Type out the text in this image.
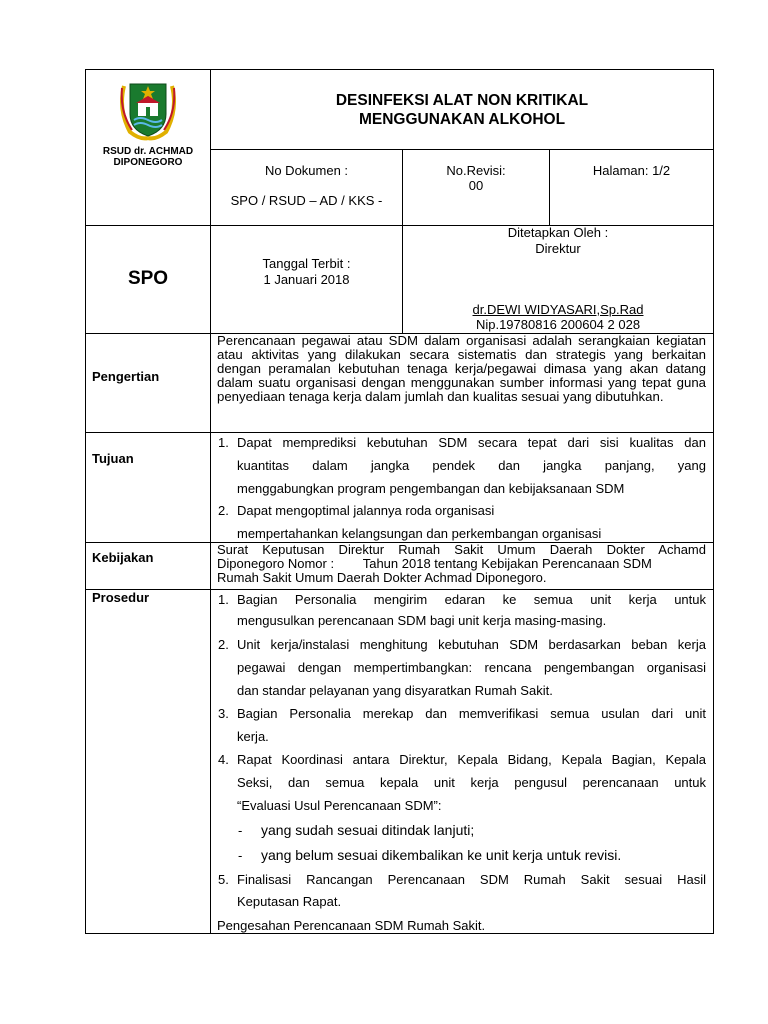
RSUD dr. ACHMAD
DIPONEGORO
DESINFEKSI ALAT NON KRITIKAL
MENGGUNAKAN ALKOHOL
No Dokumen :
SPO / RSUD – AD / KKS -
No.Revisi:
00
Halaman: 1/2
SPO
Tanggal Terbit :
1 Januari 2018
Ditetapkan Oleh :
Direktur
dr.DEWI WIDYASARI,Sp.Rad
Nip.19780816 200604 2 028
Pengertian
Perencanaan pegawai atau SDM dalam organisasi adalah serangkaian kegiatan atau aktivitas yang dilakukan secara sistematis dan strategis yang berkaitan dengan peramalan kebutuhan tenaga kerja/pegawai dimasa yang akan datang dalam suatu organisasi dengan menggunakan sumber informasi yang tepat guna penyediaan tenaga kerja dalam jumlah dan kualitas sesuai yang dibutuhkan.
Tujuan
1. Dapat memprediksi kebutuhan SDM secara tepat dari sisi kualitas dan
kuantitas dalam jangka pendek dan jangka panjang, yang
menggabungkan program pengembangan dan kebijaksanaan SDM
2. Dapat mengoptimal jalannya roda organisasi
mempertahankan kelangsungan dan perkembangan organisasi
Kebijakan
Surat Keputusan Direktur Rumah Sakit Umum Daerah Dokter Achamd
Diponegoro Nomor :        Tahun 2018 tentang Kebijakan Perencanaan SDM
Rumah Sakit Umum Daerah Dokter Achmad Diponegoro.
Prosedur	1. Bagian Personalia mengirim edaran ke semua unit kerja untuk
mengusulkan perencanaan SDM bagi unit kerja masing-masing.
2. Unit kerja/instalasi menghitung kebutuhan SDM berdasarkan beban kerja
pegawai dengan mempertimbangkan: rencana pengembangan organisasi
dan standar pelayanan yang disyaratkan Rumah Sakit.
3. Bagian Personalia merekap dan memverifikasi semua usulan dari unit
kerja.
4. Rapat Koordinasi antara Direktur, Kepala Bidang, Kepala Bagian, Kepala
Seksi, dan semua kepala unit kerja pengusul perencanaan untuk
“Evaluasi Usul Perencanaan SDM”:
- yang sudah sesuai ditindak lanjuti;
- yang belum sesuai dikembalikan ke unit kerja untuk revisi.
5. Finalisasi Rancangan Perencanaan SDM Rumah Sakit sesuai Hasil
Keputasan Rapat.
Pengesahan Perencanaan SDM Rumah Sakit.
